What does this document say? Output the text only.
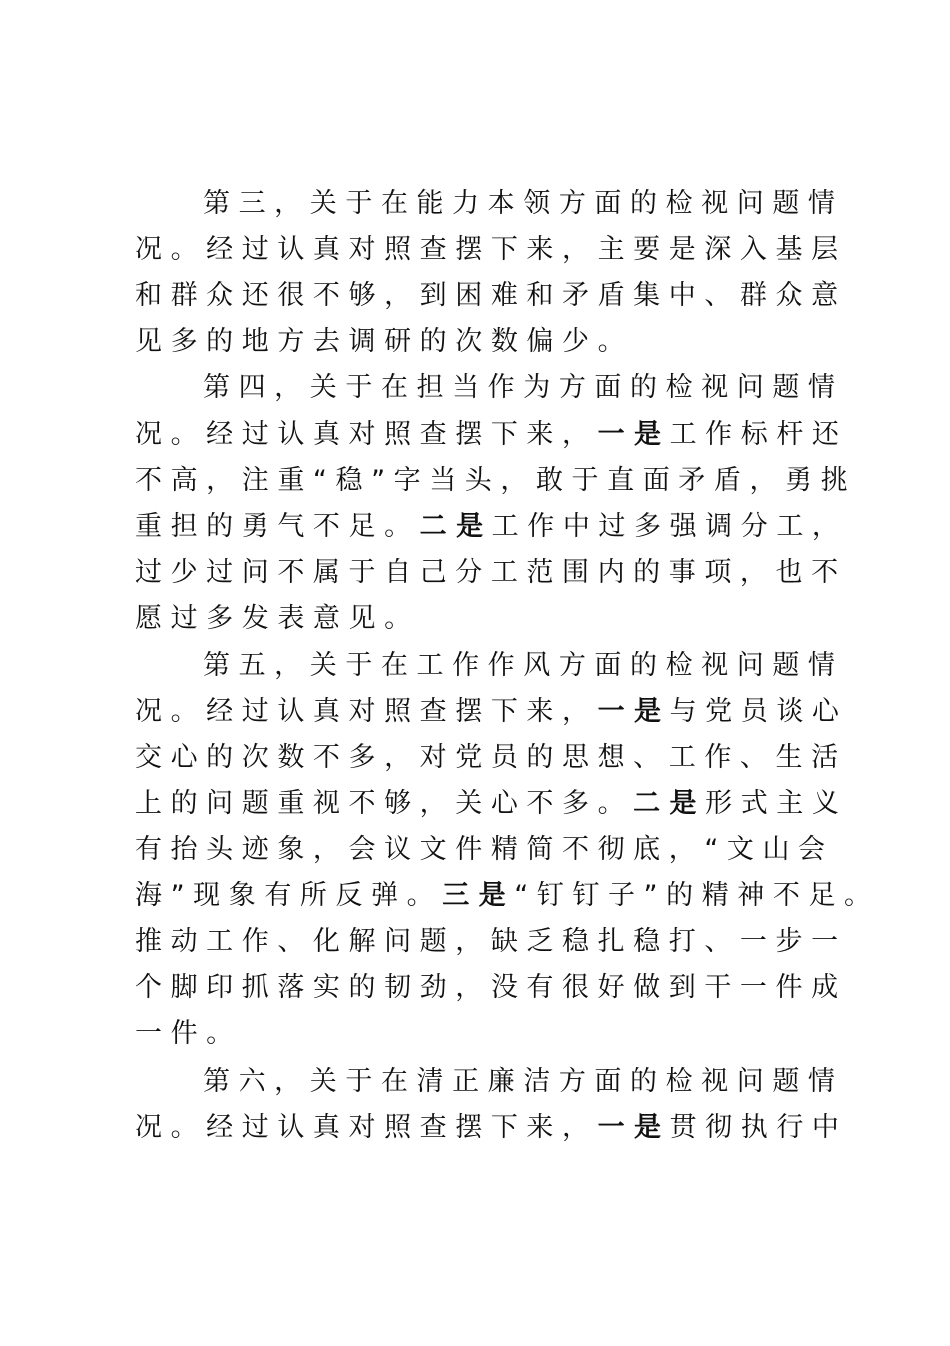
第 三 ， 关 于 在 能 力 本 领 方 面 的 检 视 问 题 情
况 。 经 过 认 真 对 照 查 摆 下 来 ， 主 要 是 深 入 基 层
和 群 众 还 很 不 够 ， 到 困 难 和 矛 盾 集 中 、 群 众 意
见 多 的 地 方 去 调 研 的 次 数 偏 少 。
第 四 ， 关 于 在 担 当 作 为 方 面 的 检 视 问 题 情
况 。 经 过 认 真 对 照 查 摆 下 来 ， 一 是 工 作 标 杆 还
不 高 ， 注 重 “ 稳 ” 字 当 头 ， 敢 于 直 面 矛 盾 ， 勇 挑
重 担 的 勇 气 不 足 。 二 是 工 作 中 过 多 强 调 分 工 ，
过 少 过 问 不 属 于 自 己 分 工 范 围 内 的 事 项 ， 也 不
愿 过 多 发 表 意 见 。
第 五 ， 关 于 在 工 作 作 风 方 面 的 检 视 问 题 情
况 。 经 过 认 真 对 照 查 摆 下 来 ， 一 是 与 党 员 谈 心
交 心 的 次 数 不 多 ， 对 党 员 的 思 想 、 工 作 、 生 活
上 的 问 题 重 视 不 够 ， 关 心 不 多 。 二 是 形 式 主 义
有 抬 头 迹 象 ， 会 议 文 件 精 简 不 彻 底 ， “ 文 山 会
海 ” 现 象 有 所 反 弹 。 三 是 “ 钉 钉 子 ” 的 精 神 不 足 。
推 动 工 作 、 化 解 问 题 ， 缺 乏 稳 扎 稳 打 、 一 步 一
个 脚 印 抓 落 实 的 韧 劲 ， 没 有 很 好 做 到 干 一 件 成
一 件 。
第 六 ， 关 于 在 清 正 廉 洁 方 面 的 检 视 问 题 情
况 。 经 过 认 真 对 照 查 摆 下 来 ， 一 是 贯 彻 执 行 中
